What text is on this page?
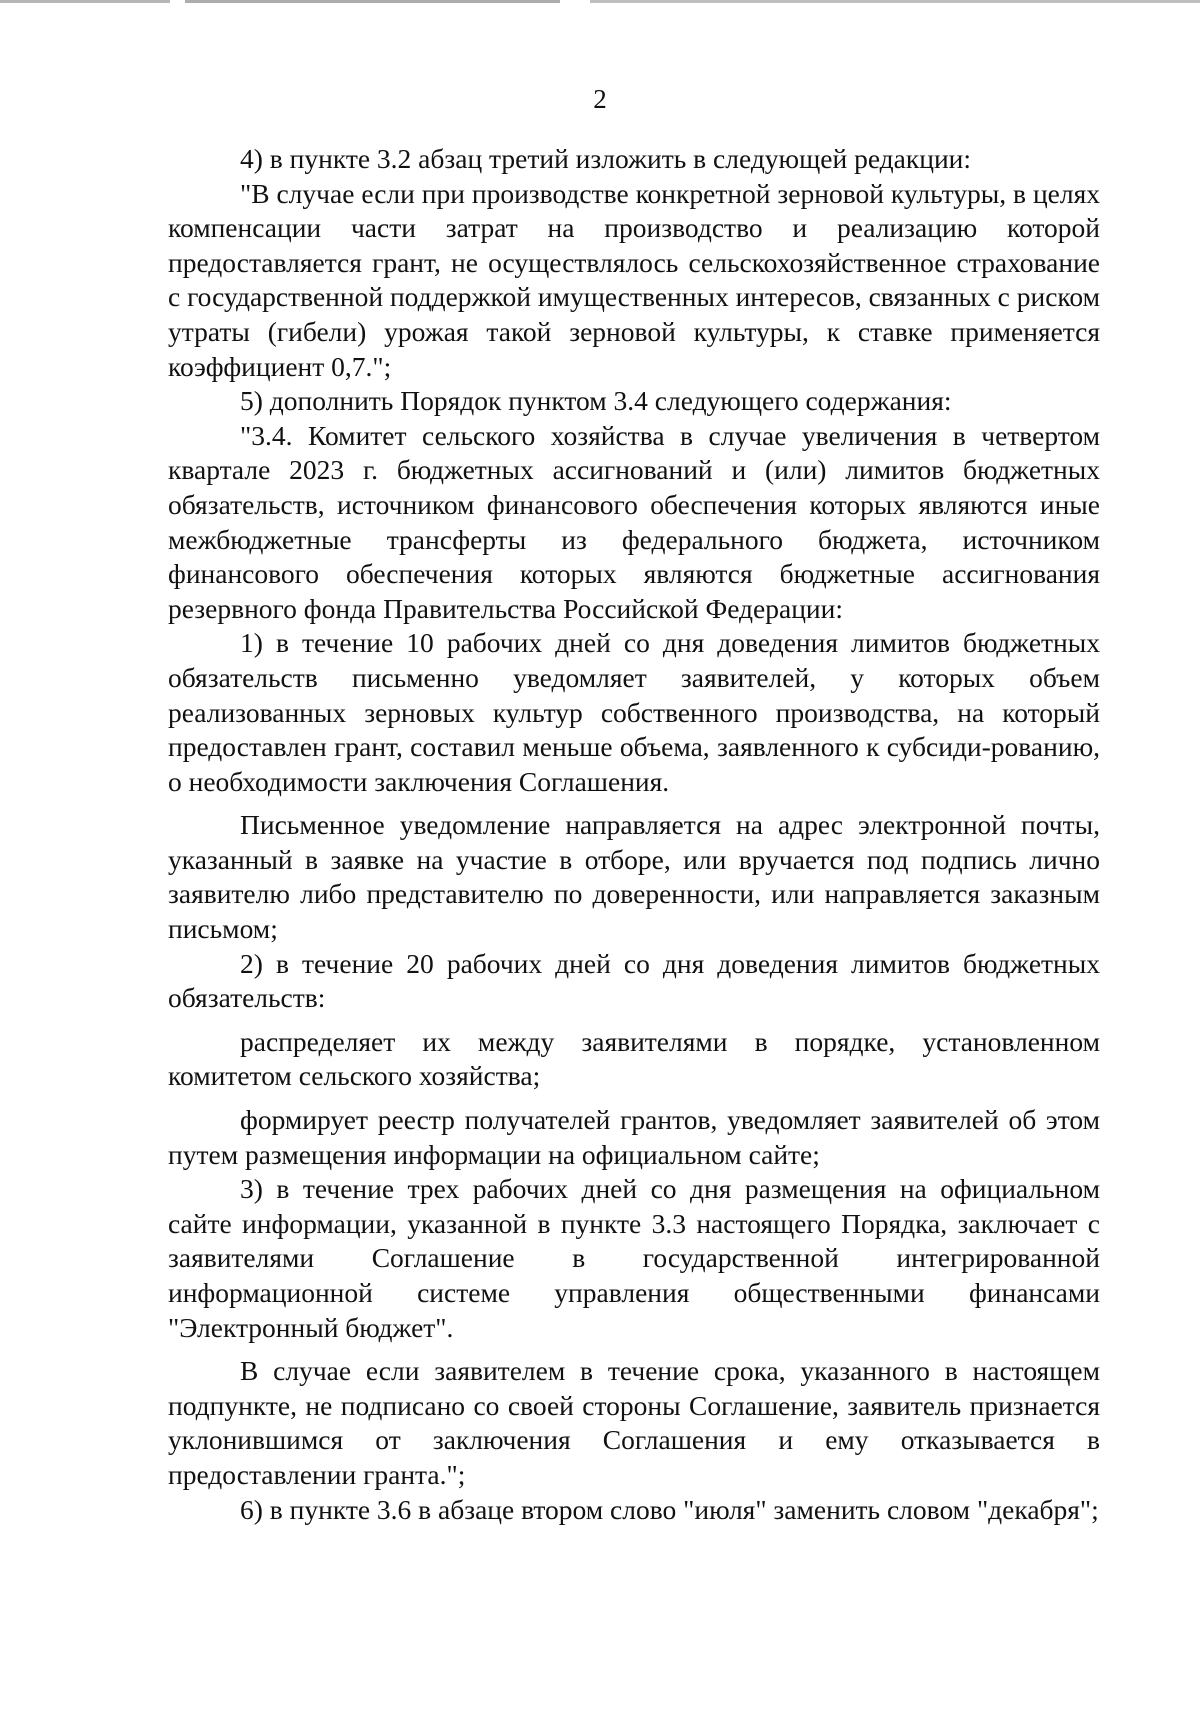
2

4) в пункте 3.2 абзац третий изложить в следующей редакции:

"В случае если при производстве конкретной зерновой культуры, в целях компенсации части затрат на производство и реализацию которой предоставляется грант, не осуществлялось сельскохозяйственное страхование с государственной поддержкой имущественных интересов, связанных с риском утраты (гибели) урожая такой зерновой культуры, к ставке применяется коэффициент 0,7.";

5) дополнить Порядок пунктом 3.4 следующего содержания:

"3.4. Комитет сельского хозяйства в случае увеличения в четвертом квартале 2023 г. бюджетных ассигнований и (или) лимитов бюджетных обязательств, источником финансового обеспечения которых являются иные межбюджетные трансферты из федерального бюджета, источником финансового обеспечения которых являются бюджетные ассигнования резервного фонда Правительства Российской Федерации:

1) в течение 10 рабочих дней со дня доведения лимитов бюджетных обязательств письменно уведомляет заявителей, у которых объем реализованных зерновых культур собственного производства, на который предоставлен грант, составил меньше объема, заявленного к субсиди-рованию, о необходимости заключения Соглашения.

Письменное уведомление направляется на адрес электронной почты, указанный в заявке на участие в отборе, или вручается под подпись лично заявителю либо представителю по доверенности, или направляется заказным письмом;

2) в течение 20 рабочих дней со дня доведения лимитов бюджетных обязательств:

распределяет их между заявителями в порядке, установленном комитетом сельского хозяйства;

формирует реестр получателей грантов, уведомляет заявителей об этом путем размещения информации на официальном сайте;

3) в течение трех рабочих дней со дня размещения на официальном сайте информации, указанной в пункте 3.3 настоящего Порядка, заключает с заявителями Соглашение в государственной интегрированной информационной системе управления общественными финансами "Электронный бюджет".

В случае если заявителем в течение срока, указанного в настоящем подпункте, не подписано со своей стороны Соглашение, заявитель признается уклонившимся от заключения Соглашения и ему отказывается в предоставлении гранта.";

6) в пункте 3.6 в абзаце втором слово "июля" заменить словом "декабря";
